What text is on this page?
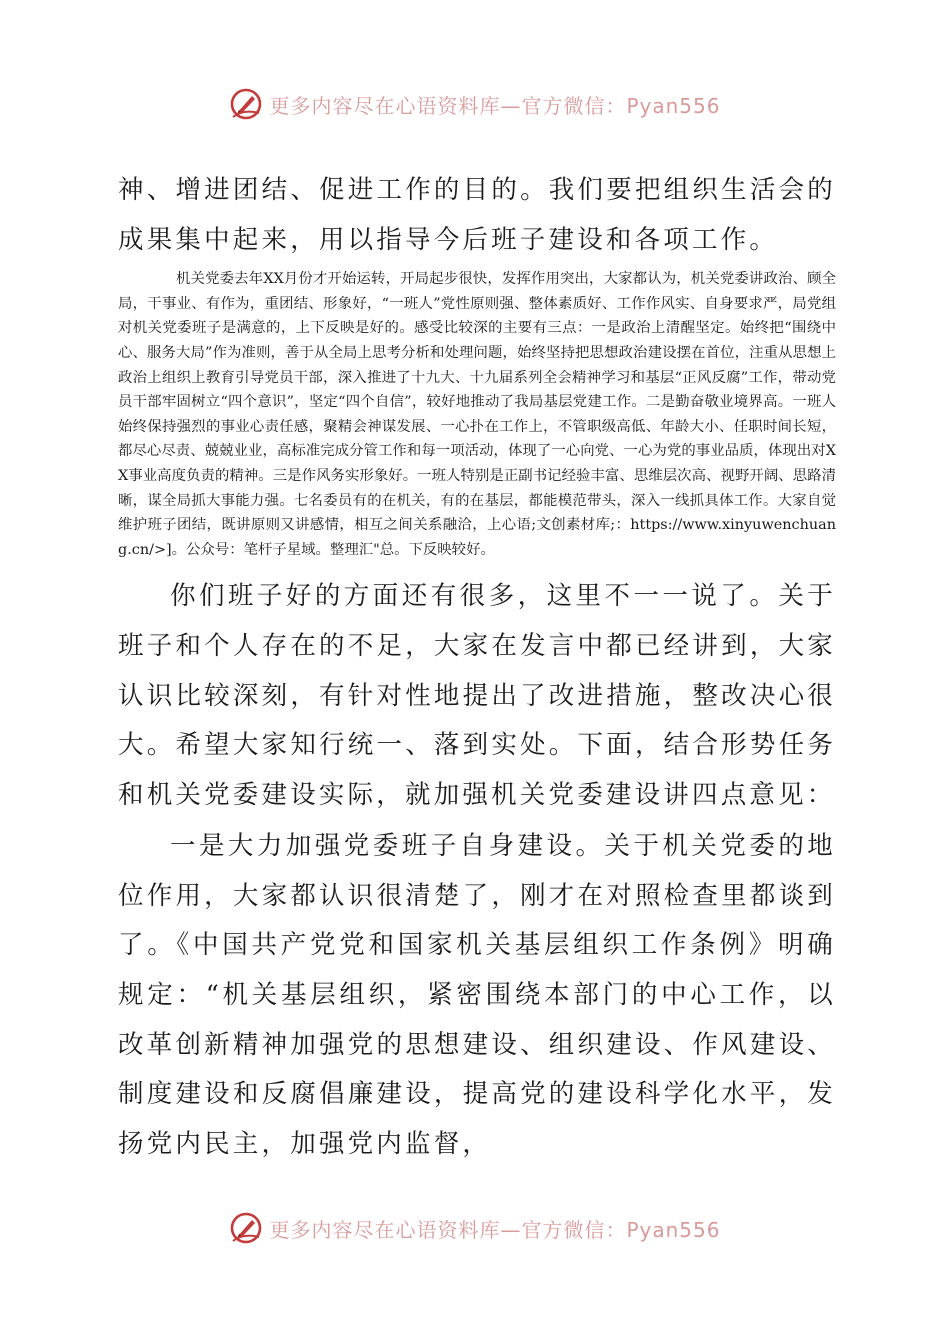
更多内容尽在心语资料库—官方微信：Pyan556

神、增进团结、促进工作的目的。我们要把组织生活会的成果集中起来，用以指导今后班子建设和各项工作。

机关党委去年XX月份才开始运转，开局起步很快，发挥作用突出，大家都认为，机关党委讲政治、顾全局，干事业、有作为，重团结、形象好，“一班人”党性原则强、整体素质好、工作作风实、自身要求严，局党组对机关党委班子是满意的，上下反映是好的。感受比较深的主要有三点：一是政治上清醒坚定。始终把“围绕中心、服务大局”作为准则，善于从全局上思考分析和处理问题，始终坚持把思想政治建设摆在首位，注重从思想上政治上组织上教育引导党员干部，深入推进了十九大、十九届系列全会精神学习和基层“正风反腐”工作，带动党员干部牢固树立“四个意识”，坚定“四个自信”，较好地推动了我局基层党建工作。二是勤奋敬业境界高。一班人始终保持强烈的事业心责任感，聚精会神谋发展、一心扑在工作上，不管职级高低、年龄大小、任职时间长短，都尽心尽责、兢兢业业，高标准完成分管工作和每一项活动，体现了一心向党、一心为党的事业品质，体现出对XX事业高度负责的精神。三是作风务实形象好。一班人特别是正副书记经验丰富、思维层次高、视野开阔、思路清晰，谋全局抓大事能力强。七名委员有的在机关，有的在基层，都能模范带头，深入一线抓具体工作。大家自觉维护班子团结，既讲原则又讲感情，相互之间关系融洽，上心语;文创素材库;：https://www.xinyuwenchuang.cn/>]。公众号：笔杆子星域。整理汇"总。下反映较好。

你们班子好的方面还有很多，这里不一一说了。关于班子和个人存在的不足，大家在发言中都已经讲到，大家认识比较深刻，有针对性地提出了改进措施，整改决心很大。希望大家知行统一、落到实处。下面，结合形势任务和机关党委建设实际，就加强机关党委建设讲四点意见：

一是大力加强党委班子自身建设。关于机关党委的地位作用，大家都认识很清楚了，刚才在对照检查里都谈到了。《中国共产党党和国家机关基层组织工作条例》明确规定：“机关基层组织，紧密围绕本部门的中心工作，以改革创新精神加强党的思想建设、组织建设、作风建设、制度建设和反腐倡廉建设，提高党的建设科学化水平，发扬党内民主，加强党内监督，

更多内容尽在心语资料库—官方微信：Pyan556
